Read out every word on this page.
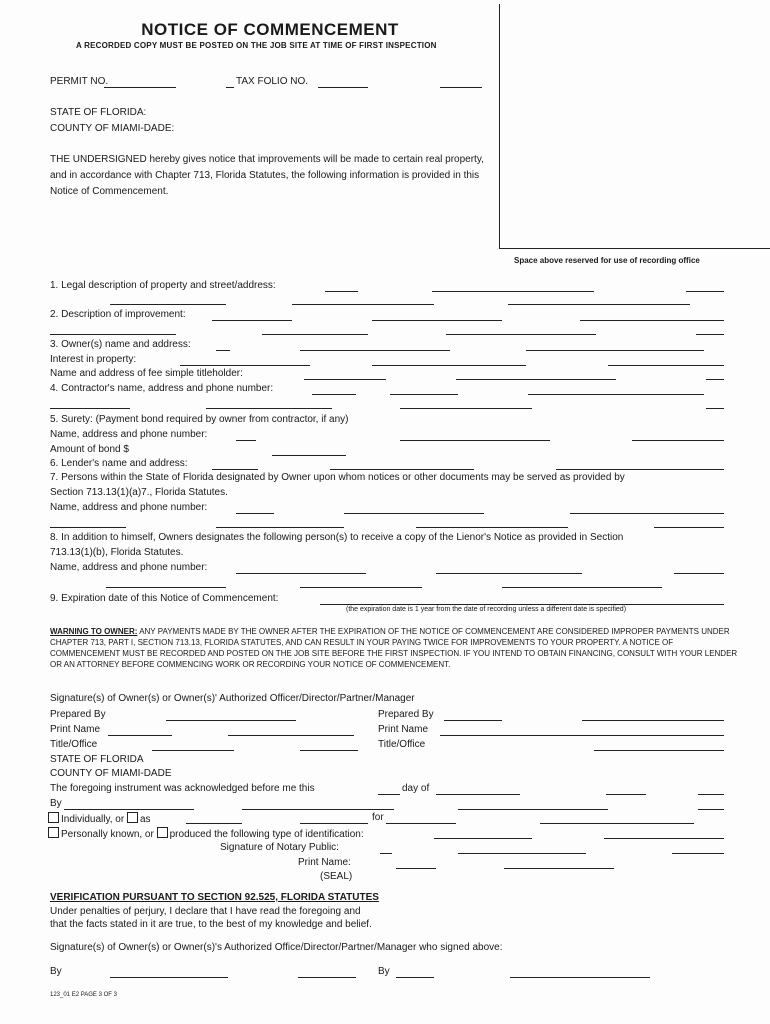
NOTICE OF COMMENCEMENT
A RECORDED COPY MUST BE POSTED ON THE JOB SITE AT TIME OF FIRST INSPECTION
Space above reserved for use of recording office
PERMIT NO.	TAX FOLIO NO.
STATE OF FLORIDA:
COUNTY OF MIAMI-DADE:
THE UNDERSIGNED hereby gives notice that improvements will be made to certain real property, and in accordance with Chapter 713, Florida Statutes, the following information is provided in this Notice of Commencement.
1. Legal description of property and street/address:
2. Description of improvement:
3. Owner(s) name and address:
Interest in property:
Name and address of fee simple titleholder:
4. Contractor's name, address and phone number:
5. Surety: (Payment bond required by owner from contractor, if any)
Name, address and phone number:
Amount of bond $
6. Lender's name and address:
7. Persons within the State of Florida designated by Owner upon whom notices or other documents may be served as provided by
Section 713.13(1)(a)7., Florida Statutes.
Name, address and phone number:
8. In addition to himself, Owners designates the following person(s) to receive a copy of the Lienor's Notice as provided in Section
713.13(1)(b), Florida Statutes.
Name, address and phone number:
9. Expiration date of this Notice of Commencement:
(the expiration date is 1 year from the date of recording unless a different date is specified)
WARNING TO OWNER: ANY PAYMENTS MADE BY THE OWNER AFTER THE EXPIRATION OF THE NOTICE OF COMMENCEMENT ARE CONSIDERED IMPROPER PAYMENTS UNDER CHAPTER 713, PART I, SECTION 713.13, FLORIDA STATUTES, AND CAN RESULT IN YOUR PAYING TWICE FOR IMPROVEMENTS TO YOUR PROPERTY. A NOTICE OF COMMENCEMENT MUST BE RECORDED AND POSTED ON THE JOB SITE BEFORE THE FIRST INSPECTION. IF YOU INTEND TO OBTAIN FINANCING, CONSULT WITH YOUR LENDER OR AN ATTORNEY BEFORE COMMENCING WORK OR RECORDING YOUR NOTICE OF COMMENCEMENT.
Signature(s) of Owner(s) or Owner(s)' Authorized Officer/Director/Partner/Manager
Prepared By	Prepared By
Print Name	Print Name
Title/Office	Title/Office
STATE OF FLORIDA
COUNTY OF MIAMI-DADE
The foregoing instrument was acknowledged before me this	day of
By
Individually, or as	for
Personally known, or produced the following type of identification:
Signature of Notary Public:
Print Name:
(SEAL)
VERIFICATION PURSUANT TO SECTION 92.525, FLORIDA STATUTES
Under penalties of perjury, I declare that I have read the foregoing and
that the facts stated in it are true, to the best of my knowledge and belief.
Signature(s) of Owner(s) or Owner(s)'s Authorized Office/Director/Partner/Manager who signed above:
By	By
123_01 E2 PAGE 3 OF 3
